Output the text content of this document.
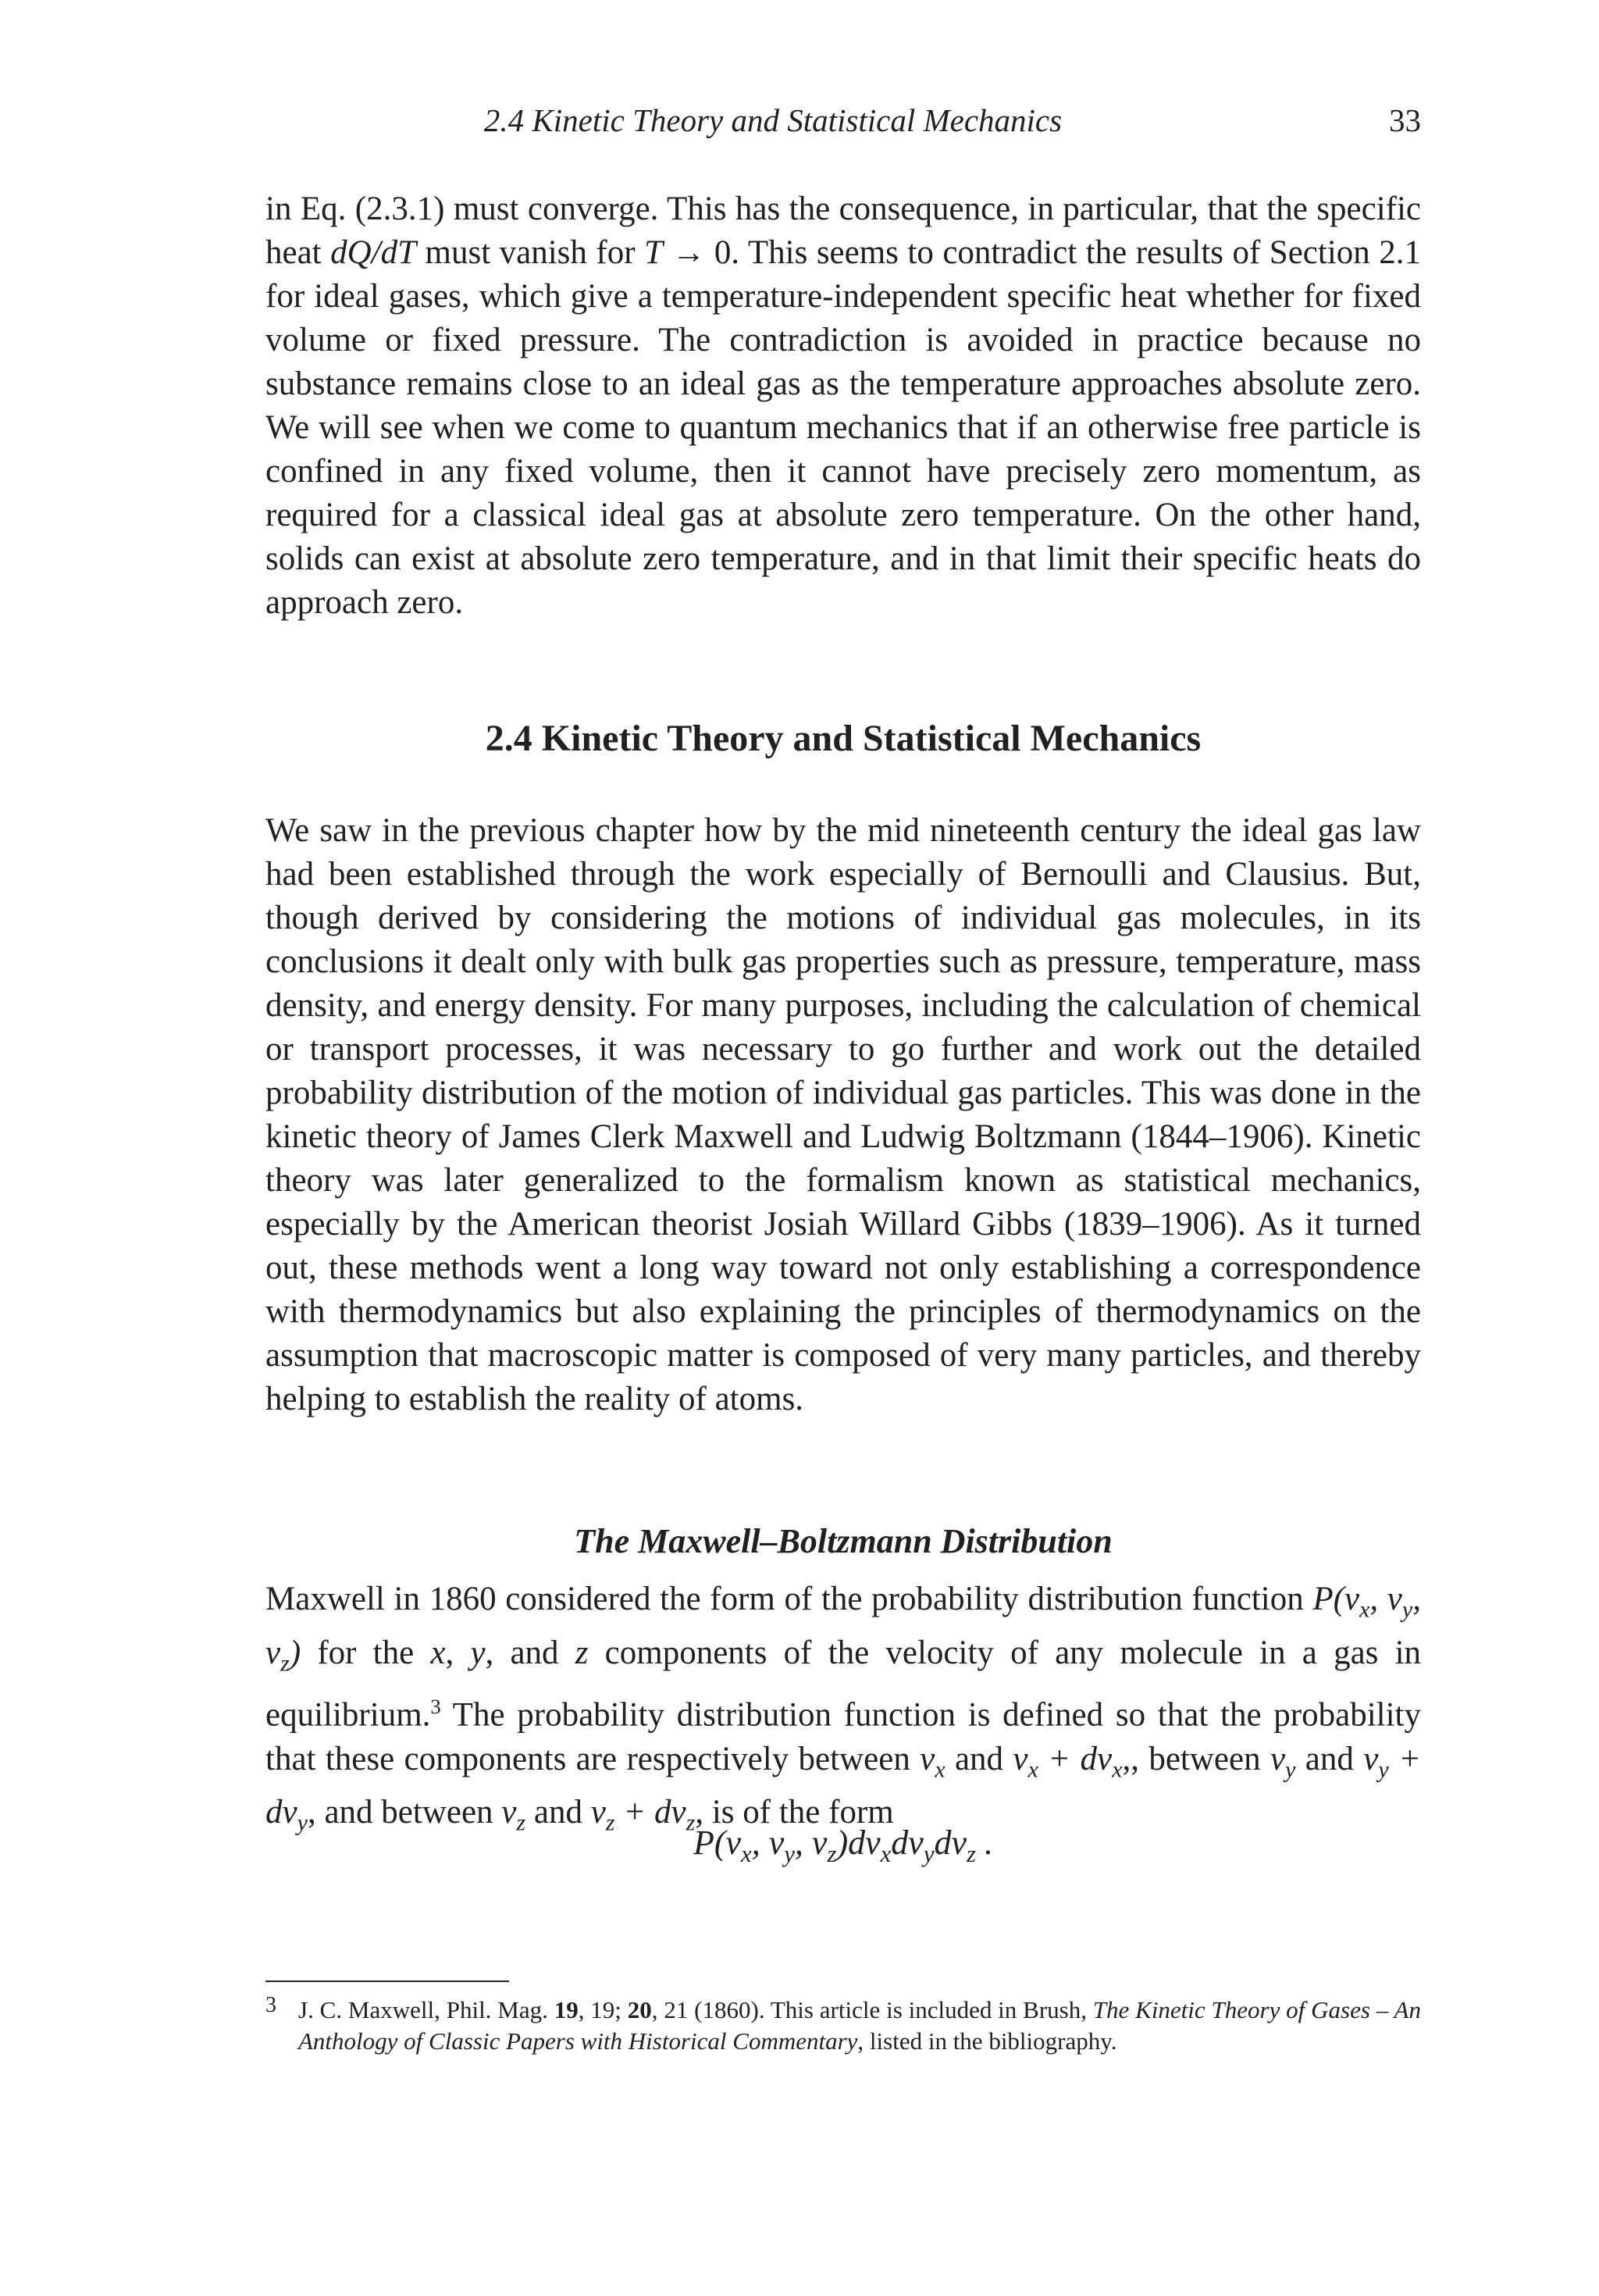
2.4 Kinetic Theory and Statistical Mechanics	33
in Eq. (2.3.1) must converge. This has the consequence, in particular, that the specific heat dQ/dT must vanish for T → 0. This seems to contradict the results of Section 2.1 for ideal gases, which give a temperature-independent specific heat whether for fixed volume or fixed pressure. The contradiction is avoided in practice because no substance remains close to an ideal gas as the temperature approaches absolute zero. We will see when we come to quantum mechanics that if an otherwise free particle is confined in any fixed volume, then it cannot have precisely zero momentum, as required for a classical ideal gas at absolute zero temperature. On the other hand, solids can exist at absolute zero temperature, and in that limit their specific heats do approach zero.
2.4 Kinetic Theory and Statistical Mechanics
We saw in the previous chapter how by the mid nineteenth century the ideal gas law had been established through the work especially of Bernoulli and Clausius. But, though derived by considering the motions of individual gas molecules, in its conclusions it dealt only with bulk gas properties such as pressure, temperature, mass density, and energy density. For many purposes, including the calculation of chemical or transport processes, it was necessary to go further and work out the detailed probability distribution of the motion of individual gas particles. This was done in the kinetic theory of James Clerk Maxwell and Ludwig Boltzmann (1844–1906). Kinetic theory was later generalized to the formalism known as statistical mechanics, especially by the American theorist Josiah Willard Gibbs (1839–1906). As it turned out, these methods went a long way toward not only establishing a correspondence with thermodynamics but also explaining the principles of thermodynamics on the assumption that macroscopic matter is composed of very many particles, and thereby helping to establish the reality of atoms.
The Maxwell–Boltzmann Distribution
Maxwell in 1860 considered the form of the probability distribution function $P(v_x$, $v_y$, $v_z$) for the x, y, and z components of the velocity of any molecule in a gas in equilibrium.$^3$ The probability distribution function is defined so that the probability that these components are respectively between $v_x$ and $v_x + dv_x$,, between $v_y$ and $v_y + dv_y$, and between $v_z$ and $v_z + dv_z$, is of the form
$P(v_x$, $v_y$, $v_z)dv_xdv_ydv_z$ .
3 J. C. Maxwell, Phil. Mag. 19, 19; 20, 21 (1860). This article is included in Brush, The Kinetic Theory of Gases – An Anthology of Classic Papers with Historical Commentary, listed in the bibliography.
